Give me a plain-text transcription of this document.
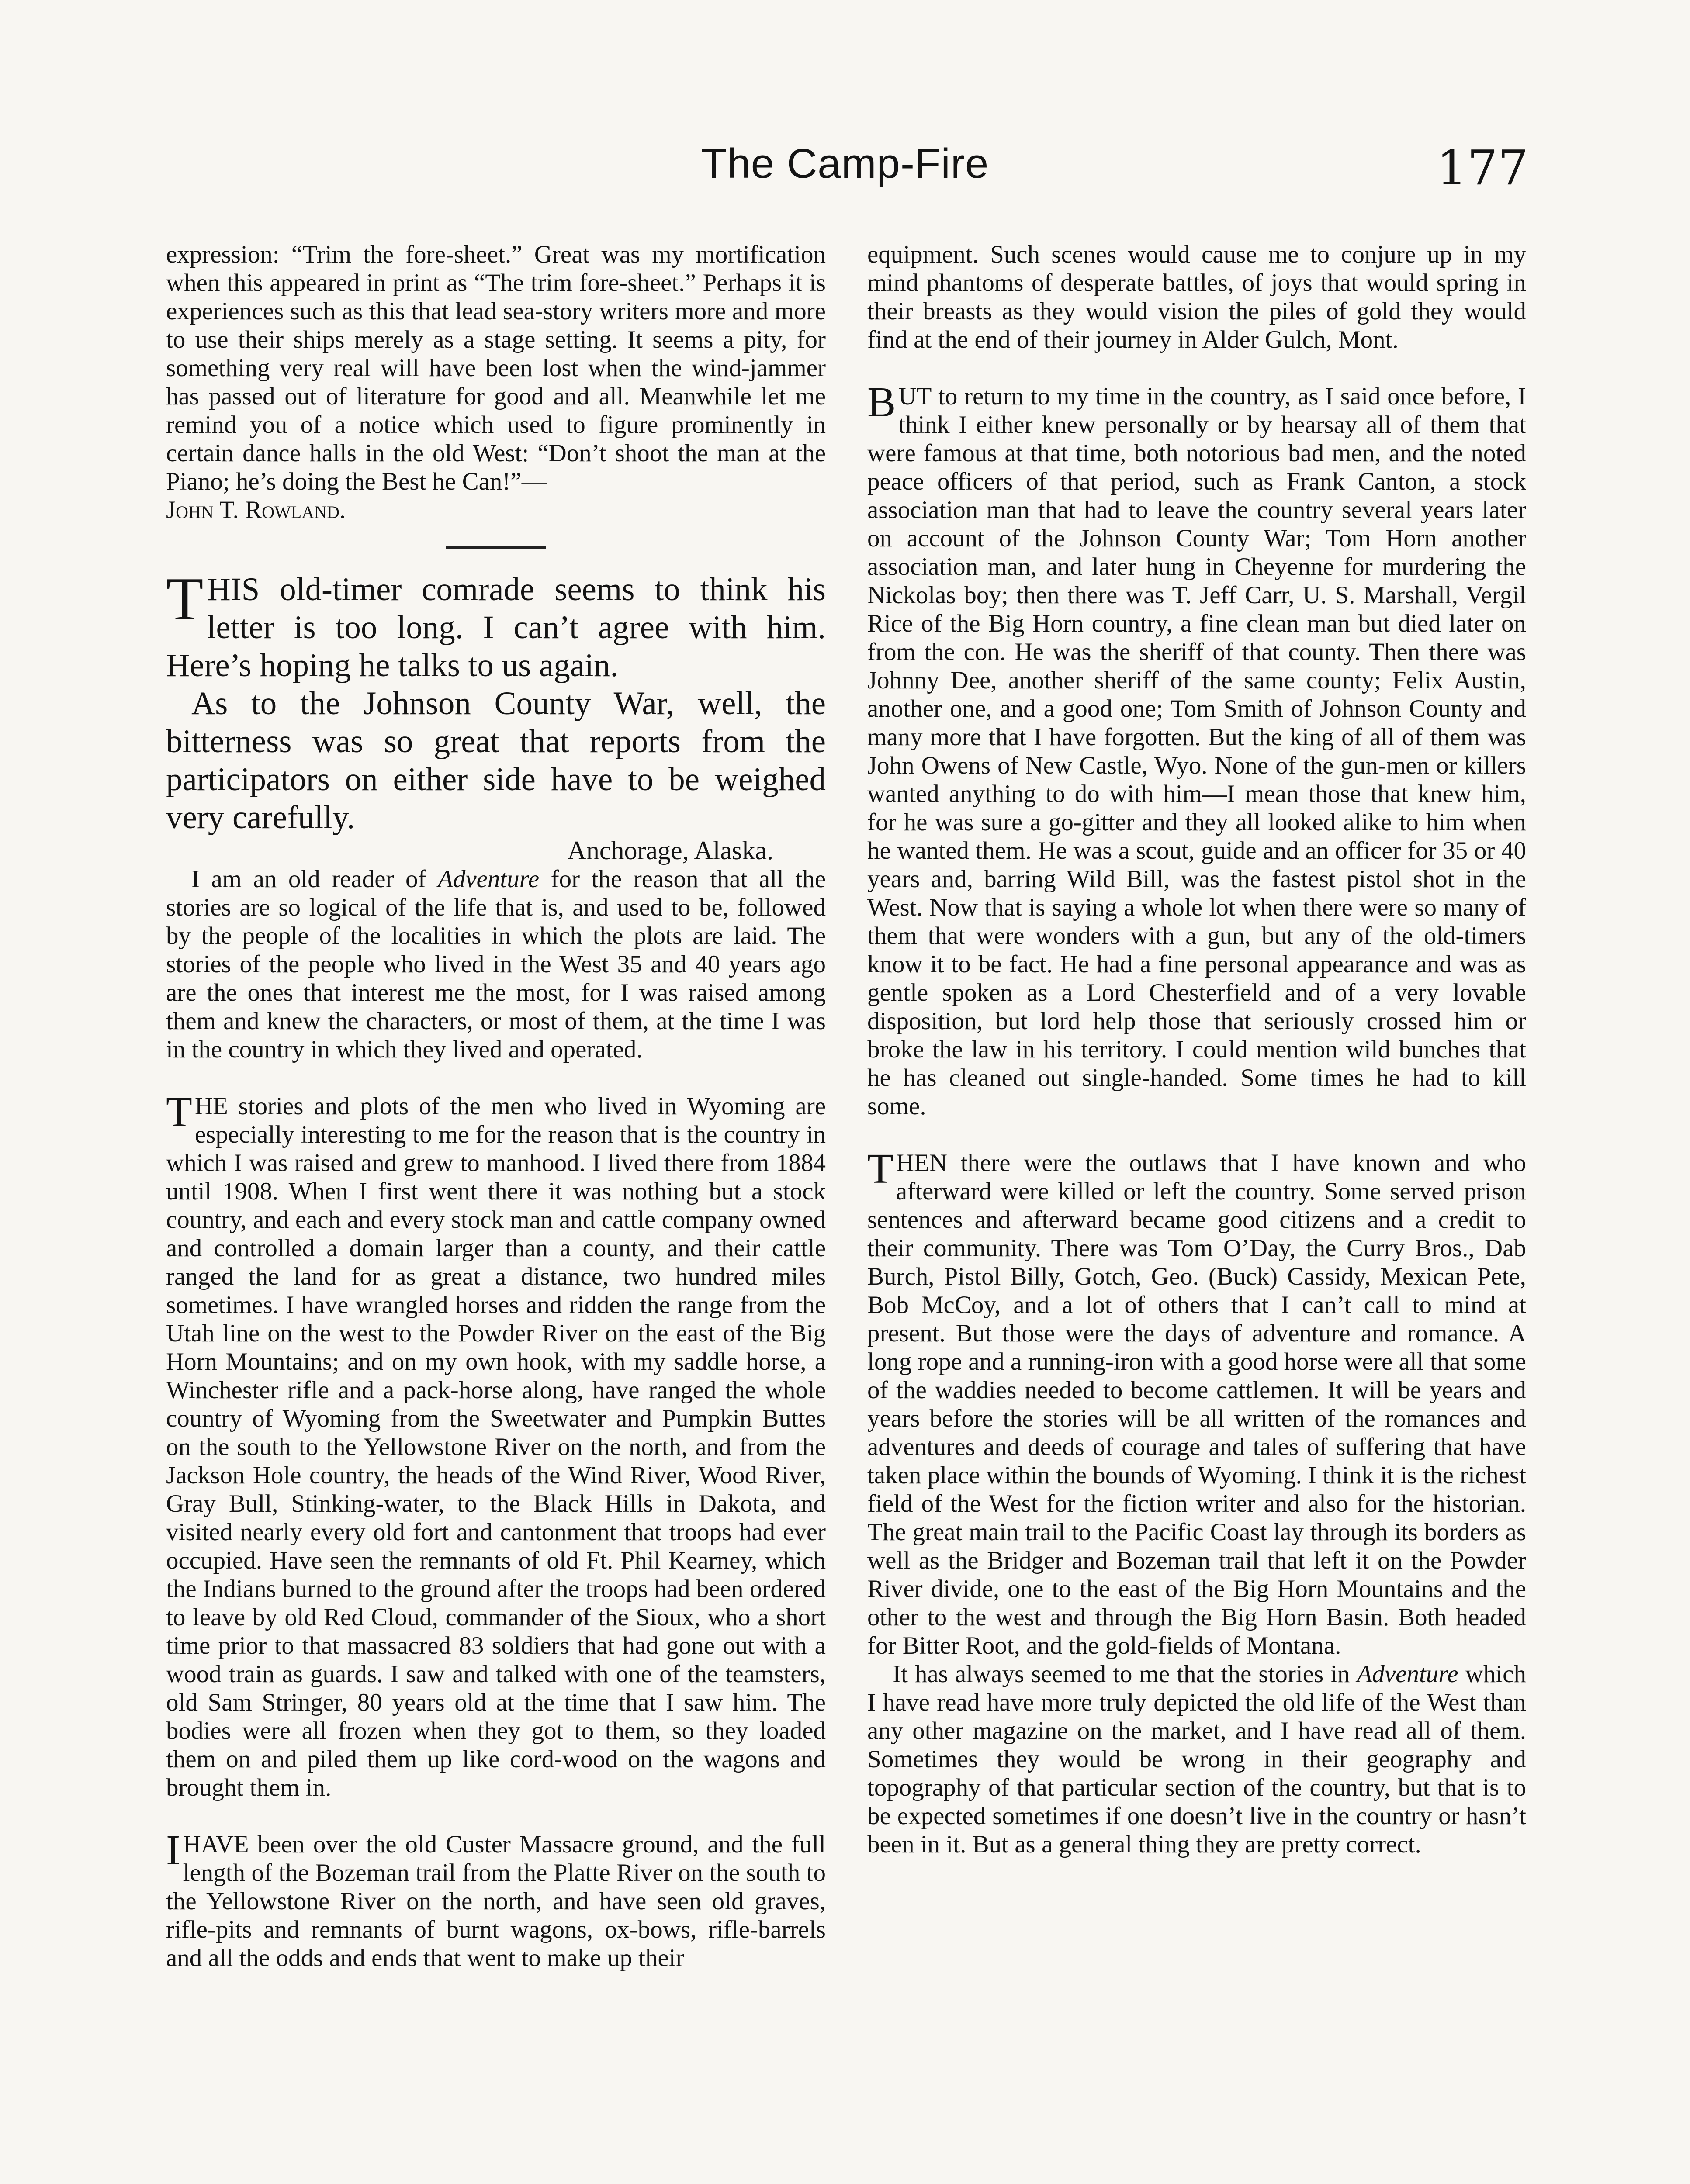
The Camp-Fire	177

expression: “Trim the fore-sheet.” Great was my mortification when this appeared in print as “The trim fore-sheet.” Perhaps it is experiences such as this that lead sea-story writers more and more to use their ships merely as a stage setting. It seems a pity, for something very real will have been lost when the wind-jammer has passed out of literature for good and all. Meanwhile let me remind you of a notice which used to figure prominently in certain dance halls in the old West: “Don’t shoot the man at the Piano; he’s doing the Best he Can!”—
John T. Rowland.

THIS old-timer comrade seems to think his letter is too long. I can’t agree with him. Here’s hoping he talks to us again.

As to the Johnson County War, well, the bitterness was so great that reports from the participators on either side have to be weighed very carefully.

Anchorage, Alaska.

I am an old reader of Adventure for the reason that all the stories are so logical of the life that is, and used to be, followed by the people of the localities in which the plots are laid. The stories of the people who lived in the West 35 and 40 years ago are the ones that interest me the most, for I was raised among them and knew the characters, or most of them, at the time I was in the country in which they lived and operated.

THE stories and plots of the men who lived in Wyoming are especially interesting to me for the reason that is the country in which I was raised and grew to manhood. I lived there from 1884 until 1908. When I first went there it was nothing but a stock country, and each and every stock man and cattle company owned and controlled a domain larger than a county, and their cattle ranged the land for as great a distance, two hundred miles sometimes. I have wrangled horses and ridden the range from the Utah line on the west to the Powder River on the east of the Big Horn Mountains; and on my own hook, with my saddle horse, a Winchester rifle and a pack-horse along, have ranged the whole country of Wyoming from the Sweetwater and Pumpkin Buttes on the south to the Yellowstone River on the north, and from the Jackson Hole country, the heads of the Wind River, Wood River, Gray Bull, Stinking-water, to the Black Hills in Dakota, and visited nearly every old fort and cantonment that troops had ever occupied. Have seen the remnants of old Ft. Phil Kearney, which the Indians burned to the ground after the troops had been ordered to leave by old Red Cloud, commander of the Sioux, who a short time prior to that massacred 83 soldiers that had gone out with a wood train as guards. I saw and talked with one of the teamsters, old Sam Stringer, 80 years old at the time that I saw him. The bodies were all frozen when they got to them, so they loaded them on and piled them up like cord-wood on the wagons and brought them in.

I HAVE been over the old Custer Massacre ground, and the full length of the Bozeman trail from the Platte River on the south to the Yellowstone River on the north, and have seen old graves, rifle-pits and remnants of burnt wagons, ox-bows, rifle-barrels and all the odds and ends that went to make up their

equipment. Such scenes would cause me to conjure up in my mind phantoms of desperate battles, of joys that would spring in their breasts as they would vision the piles of gold they would find at the end of their journey in Alder Gulch, Mont.

BUT to return to my time in the country, as I said once before, I think I either knew personally or by hearsay all of them that were famous at that time, both notorious bad men, and the noted peace officers of that period, such as Frank Canton, a stock association man that had to leave the country several years later on account of the Johnson County War; Tom Horn another association man, and later hung in Cheyenne for murdering the Nickolas boy; then there was T. Jeff Carr, U. S. Marshall, Vergil Rice of the Big Horn country, a fine clean man but died later on from the con. He was the sheriff of that county. Then there was Johnny Dee, another sheriff of the same county; Felix Austin, another one, and a good one; Tom Smith of Johnson County and many more that I have forgotten. But the king of all of them was John Owens of New Castle, Wyo. None of the gun-men or killers wanted anything to do with him—I mean those that knew him, for he was sure a go-gitter and they all looked alike to him when he wanted them. He was a scout, guide and an officer for 35 or 40 years and, barring Wild Bill, was the fastest pistol shot in the West. Now that is saying a whole lot when there were so many of them that were wonders with a gun, but any of the old-timers know it to be fact. He had a fine personal appearance and was as gentle spoken as a Lord Chesterfield and of a very lovable disposition, but lord help those that seriously crossed him or broke the law in his territory. I could mention wild bunches that he has cleaned out single-handed. Some times he had to kill some.

THEN there were the outlaws that I have known and who afterward were killed or left the country. Some served prison sentences and afterward became good citizens and a credit to their community. There was Tom O’Day, the Curry Bros., Dab Burch, Pistol Billy, Gotch, Geo. (Buck) Cassidy, Mexican Pete, Bob McCoy, and a lot of others that I can’t call to mind at present. But those were the days of adventure and romance. A long rope and a running-iron with a good horse were all that some of the waddies needed to become cattlemen. It will be years and years before the stories will be all written of the romances and adventures and deeds of courage and tales of suffering that have taken place within the bounds of Wyoming. I think it is the richest field of the West for the fiction writer and also for the historian. The great main trail to the Pacific Coast lay through its borders as well as the Bridger and Bozeman trail that left it on the Powder River divide, one to the east of the Big Horn Mountains and the other to the west and through the Big Horn Basin. Both headed for Bitter Root, and the gold-fields of Montana.

It has always seemed to me that the stories in Adventure which I have read have more truly depicted the old life of the West than any other magazine on the market, and I have read all of them. Sometimes they would be wrong in their geography and topography of that particular section of the country, but that is to be expected sometimes if one doesn’t live in the country or hasn’t been in it. But as a general thing they are pretty correct.
